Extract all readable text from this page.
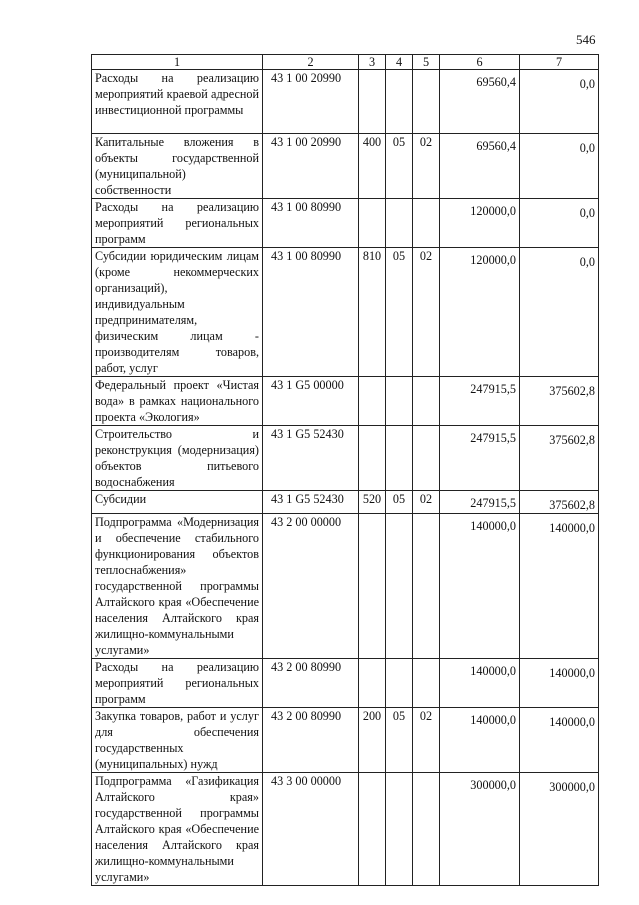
546
1	2	3	4	5	6	7
Расходы на реализацию мероприятий краевой адресной инвестиционной программы	43 1 00 20990				69560,4	0,0
Капитальные вложения в объекты государственной (муниципальной) собственности	43 1 00 20990	400	05	02	69560,4	0,0
Расходы на реализацию мероприятий региональных программ	43 1 00 80990				120000,0	0,0
Субсидии юридическим лицам (кроме некоммерческих организаций), индивидуальным предпринимателям, физическим лицам - производителям товаров, работ, услуг	43 1 00 80990	810	05	02	120000,0	0,0
Федеральный проект «Чистая вода» в рамках национального проекта «Экология»	43 1 G5 00000				247915,5	375602,8
Строительство и реконструкция (модернизация) объектов питьевого водоснабжения	43 1 G5 52430				247915,5	375602,8
Субсидии	43 1 G5 52430	520	05	02	247915,5	375602,8
Подпрограмма «Модернизация и обеспечение стабильного функционирования объектов теплоснабжения» государственной программы Алтайского края «Обеспечение населения Алтайского края жилищно-коммунальными услугами»	43 2 00 00000				140000,0	140000,0
Расходы на реализацию мероприятий региональных программ	43 2 00 80990				140000,0	140000,0
Закупка товаров, работ и услуг для обеспечения государственных (муниципальных) нужд	43 2 00 80990	200	05	02	140000,0	140000,0
Подпрограмма «Газификация Алтайского края» государственной программы Алтайского края «Обеспечение населения Алтайского края жилищно-коммунальными услугами»	43 3 00 00000				300000,0	300000,0
